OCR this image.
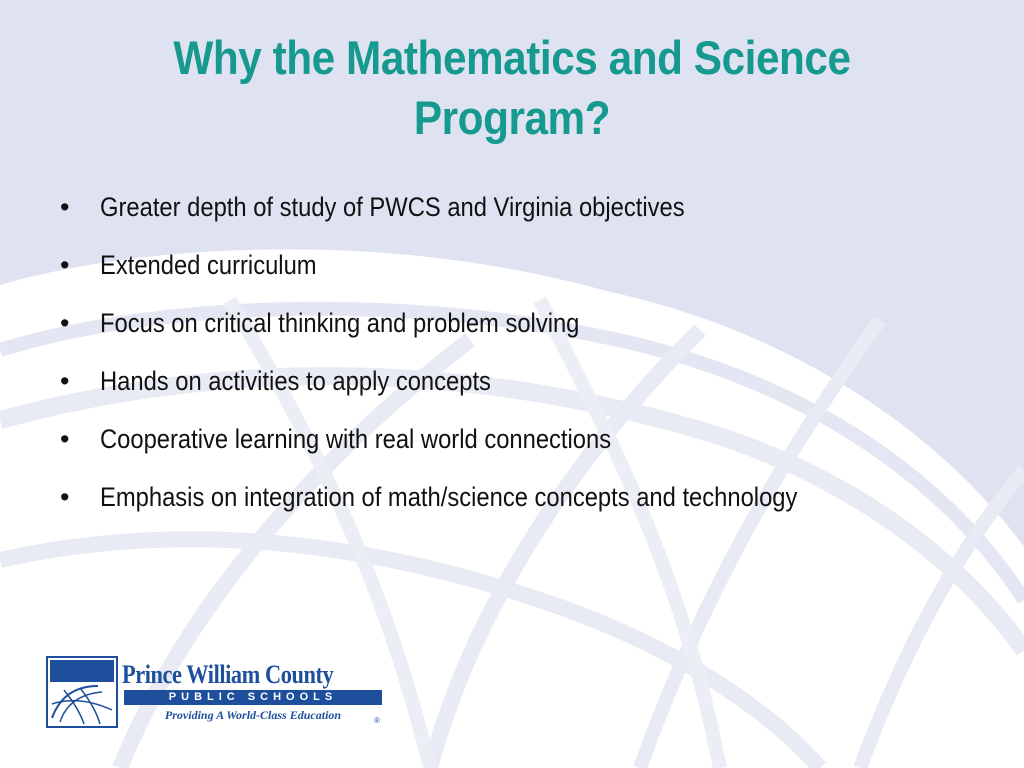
Why the Mathematics and Science Program?
•	Greater depth of study of PWCS and Virginia objectives
•	Extended curriculum
•	Focus on critical thinking and problem solving
•	Hands on activities to apply concepts
•	Cooperative learning with real world connections
•	Emphasis on integration of math/science concepts and technology
Prince William County
PUBLIC SCHOOLS
Providing A World-Class Education	®
